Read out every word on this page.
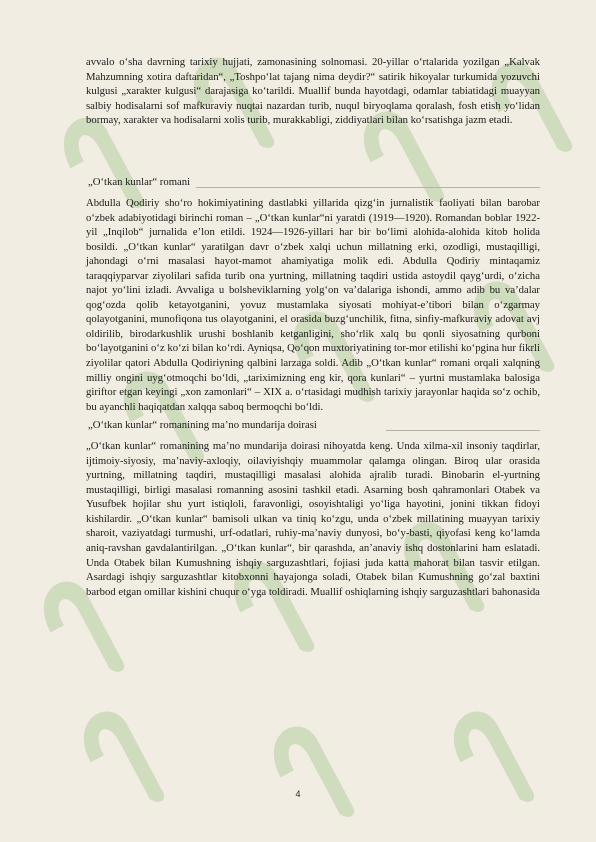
avvalo o‘sha davrning tarixiy hujjati, zamonasining solnomasi. 20-yillar o‘rtalarida yozilgan „Kalvak Mahzumning xotira daftaridan“, „Toshpo‘lat tajang nima deydir?“ satirik hikoyalar turkumida yozuvchi kulgusi „xarakter kulgusi“ darajasiga ko‘tarildi. Muallif bunda hayotdagi, odamlar tabiatidagi muayyan salbiy hodisalarni sof mafkuraviy nuqtai nazardan turib, nuqul biryoqlama qoralash, fosh etish yo‘lidan bormay, xarakter va hodisalarni xolis turib, murakkabligi, ziddiyatlari bilan ko‘rsatishga jazm etadi.

„O‘tkan kunlar“ romani

Abdulla Qodiriy sho‘ro hokimiyatining dastlabki yillarida qizg‘in jurnalistik faoliyati bilan barobar o‘zbek adabiyotidagi birinchi roman – „O‘tkan kunlar“ni yaratdi (1919—1920). Romandan boblar 1922-yil „Inqilob“ jurnalida e’lon etildi. 1924—1926-yillari har bir bo‘limi alohida-alohida kitob holida bosildi. „O‘tkan kunlar“ yaratilgan davr o‘zbek xalqi uchun millatning erki, ozodligi, mustaqilligi, jahondagi o‘rni masalasi hayot-mamot ahamiyatiga molik edi. Abdulla Qodiriy mintaqamiz taraqqiyparvar ziyolilari safida turib ona yurtning, millatning taqdiri ustida astoydil qayg‘urdi, o‘zicha najot yo‘lini izladi. Avvaliga u bolsheviklarning yolg‘on va’dalariga ishondi, ammo adib bu va’dalar qog‘ozda qolib ketayotganini, yovuz mustamlaka siyosati mohiyat-e’tibori bilan o‘zgarmay qolayotganini, munofiqona tus olayotganini, el orasida buzg‘unchilik, fitna, sinfiy-mafkuraviy adovat avj oldirilib, birodarkushlik urushi boshlanib ketganligini, sho‘rlik xalq bu qonli siyosatning qurboni bo‘layotganini o‘z ko‘zi bilan ko‘rdi. Ayniqsa, Qo‘qon muxtoriyatining tor-mor etilishi ko‘pgina hur fikrli ziyolilar qatori Abdulla Qodiriyning qalbini larzaga soldi. Adib „O‘tkan kunlar“ romani orqali xalqning milliy ongini uyg‘otmoqchi bo‘ldi, „tariximizning eng kir, qora kunlari“ – yurtni mustamlaka balosiga giriftor etgan keyingi „xon zamonlari“ – XIX a. o‘rtasidagi mudhish tarixiy jarayonlar haqida so‘z ochib, bu ayanchli haqiqatdan xalqqa saboq bermoqchi bo‘ldi.

„O‘tkan kunlar“ romanining ma’no mundarija doirasi

„O‘tkan kunlar“ romanining ma’no mundarija doirasi nihoyatda keng. Unda xilma-xil insoniy taqdirlar, ijtimoiy-siyosiy, ma’naviy-axloqiy, oilaviyishqiy muammolar qalamga olingan. Biroq ular orasida yurtning, millatning taqdiri, mustaqilligi masalasi alohida ajralib turadi. Binobarin el-yurtning mustaqilligi, birligi masalasi romanning asosini tashkil etadi. Asarning bosh qahramonlari Otabek va Yusufbek hojilar shu yurt istiqloli, faravonligi, osoyishtaligi yo‘liga hayotini, jonini tikkan fidoyi kishilardir. „O‘tkan kunlar“ bamisoli ulkan va tiniq ko‘zgu, unda o‘zbek millatining muayyan tarixiy sharoit, vaziyatdagi turmushi, urf-odatlari, ruhiy-ma’naviy dunyosi, bo‘y-basti, qiyofasi keng ko‘lamda aniq-ravshan gavdalantirilgan. „O‘tkan kunlar“, bir qarashda, an’anaviy ishq dostonlarini ham eslatadi. Unda Otabek bilan Kumushning ishqiy sarguzashtlari, fojiasi juda katta mahorat bilan tasvir etilgan. Asardagi ishqiy sarguzashtlar kitobxonni hayajonga soladi, Otabek bilan Kumushning go‘zal baxtini barbod etgan omillar kishini chuqur o‘yga toldiradi. Muallif oshiqlarning ishqiy sarguzashtlari bahonasida

4
